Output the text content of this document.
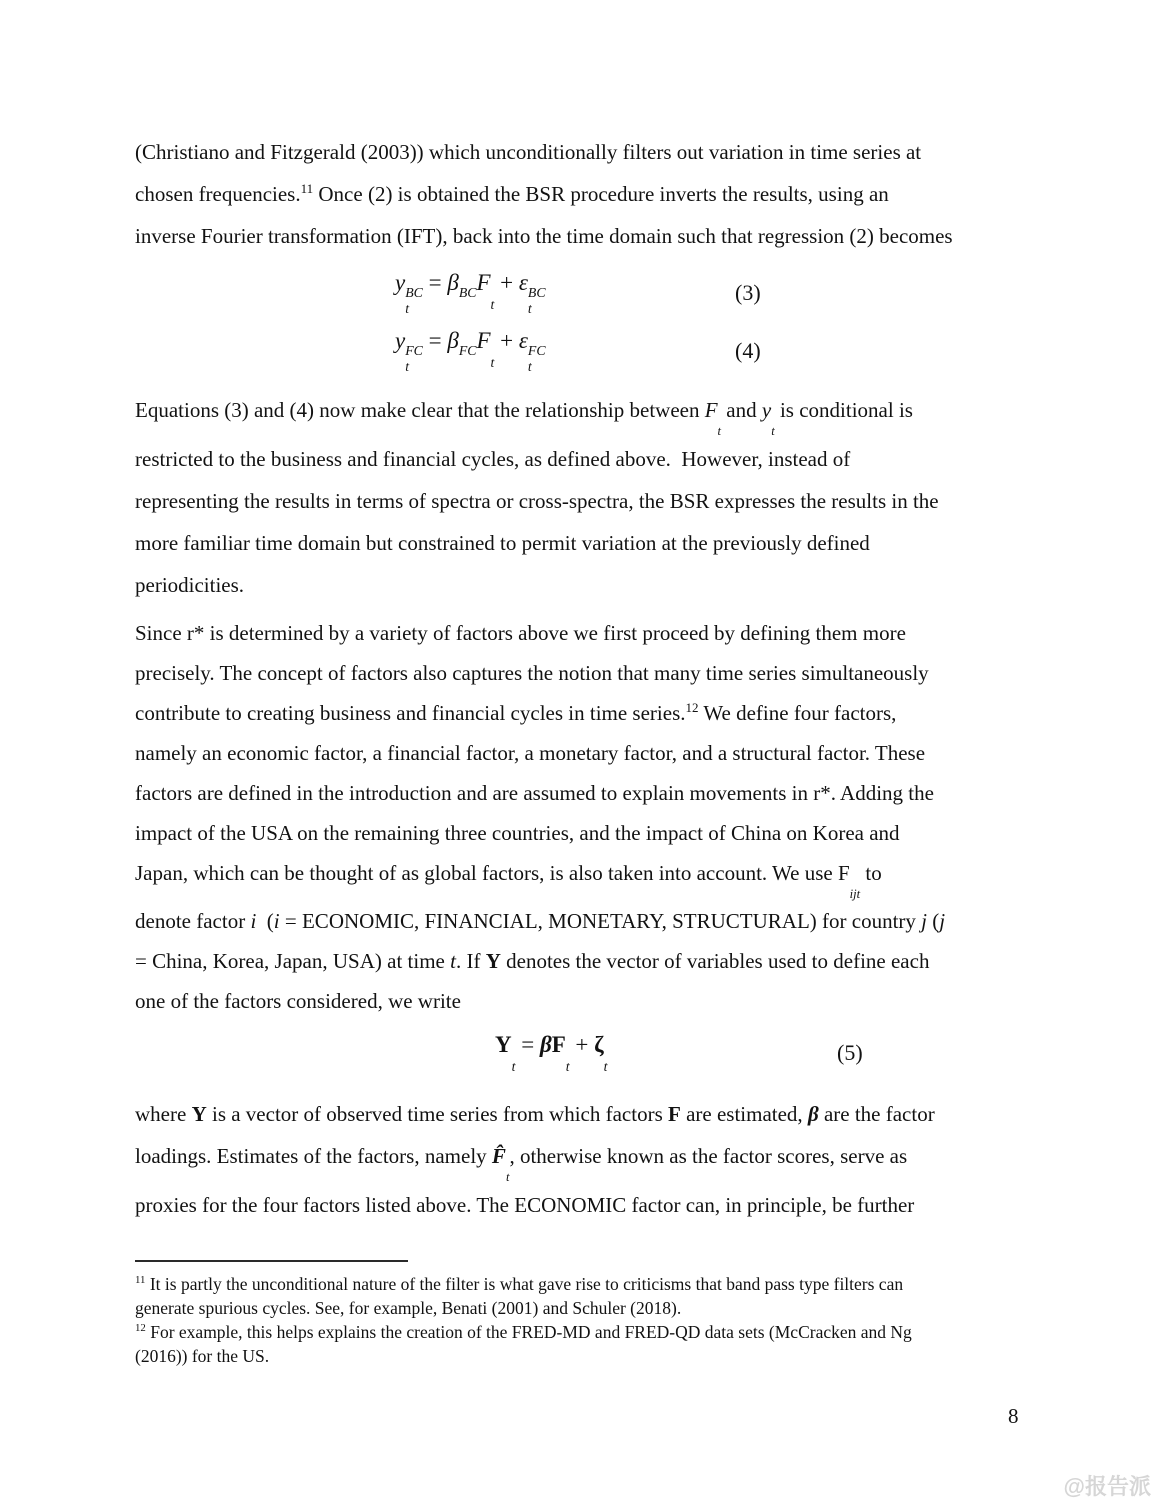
(Christiano and Fitzgerald (2003)) which unconditionally filters out variation in time series at
chosen frequencies.$^{11}$ Once (2) is obtained the BSR procedure inverts the results, using an
inverse Fourier transformation (IFT), back into the time domain such that regression (2) becomes
y BC
t
= β BC F
t
+ ε BC
t
(3)
y FC
t
= β FC F
t
+ ε FC
t
(4)
Equations (3) and (4) now make clear that the relationship between F
t
and y
t
is conditional is
restricted to the business and financial cycles, as defined above.  However, instead of
representing the results in terms of spectra or cross-spectra, the BSR expresses the results in the
more familiar time domain but constrained to permit variation at the previously defined
periodicities.
Since r* is determined by a variety of factors above we first proceed by defining them more
precisely. The concept of factors also captures the notion that many time series simultaneously
contribute to creating business and financial cycles in time series.$^{12}$ We define four factors,
namely an economic factor, a financial factor, a monetary factor, and a structural factor. These
factors are defined in the introduction and are assumed to explain movements in r*. Adding the
impact of the USA on the remaining three countries, and the impact of China on Korea and
Japan, which can be thought of as global factors, is also taken into account. We use F
ijt
to
denote factor i  (i = ECONOMIC, FINANCIAL, MONETARY, STRUCTURAL) for country j (j
= China, Korea, Japan, USA) at time t. If Y denotes the vector of variables used to define each
one of the factors considered, we write
Y
t
= βF
t
+ ζ
t
(5)
where Y is a vector of observed time series from which factors F are estimated, β are the factor
loadings. Estimates of the factors, namely F̂
t
, otherwise known as the factor scores, serve as
proxies for the four factors listed above. The ECONOMIC factor can, in principle, be further
$^{11}$ It is partly the unconditional nature of the filter is what gave rise to criticisms that band pass type filters can
generate spurious cycles. See, for example, Benati (2001) and Schuler (2018).
$^{12}$ For example, this helps explains the creation of the FRED-MD and FRED-QD data sets (McCracken and Ng
(2016)) for the US.
8
@报告派
